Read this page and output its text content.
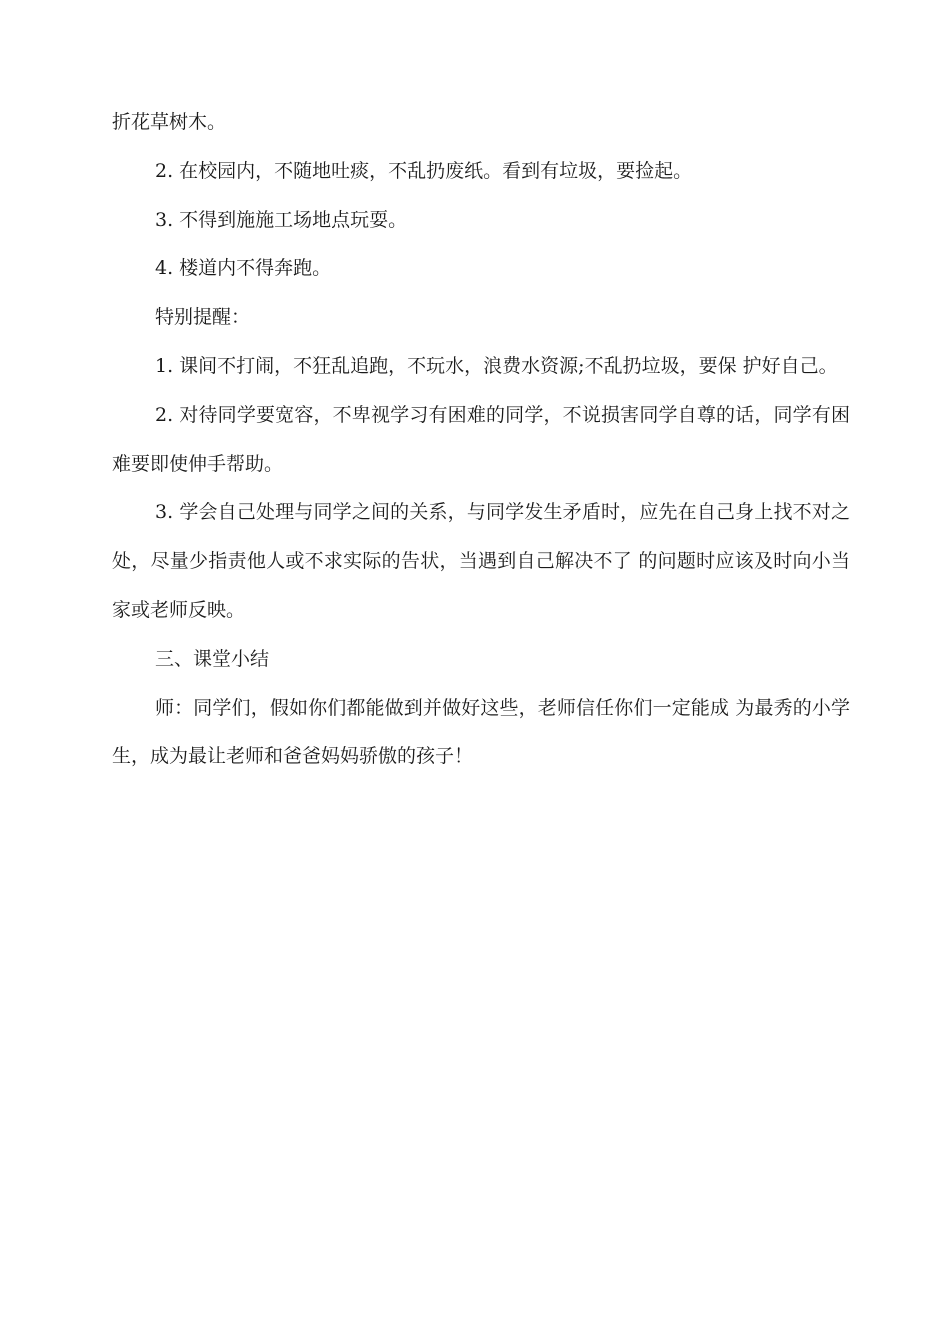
折花草树木。

2. 在校园内，不随地吐痰，不乱扔废纸。看到有垃圾，要捡起。

3. 不得到施施工场地点玩耍。

4. 楼道内不得奔跑。

特别提醒：

1. 课间不打闹，不狂乱追跑，不玩水，浪费水资源;不乱扔垃圾，要保 护好自己。

2. 对待同学要宽容，不卑视学习有困难的同学，不说损害同学自尊的话，同学有困难要即使伸手帮助。

3. 学会自己处理与同学之间的关系，与同学发生矛盾时，应先在自己身上找不对之处，尽量少指责他人或不求实际的告状，当遇到自己解决不了 的问题时应该及时向小当家或老师反映。

三、课堂小结

师：同学们，假如你们都能做到并做好这些，老师信任你们一定能成 为最秀的小学生，成为最让老师和爸爸妈妈骄傲的孩子！
